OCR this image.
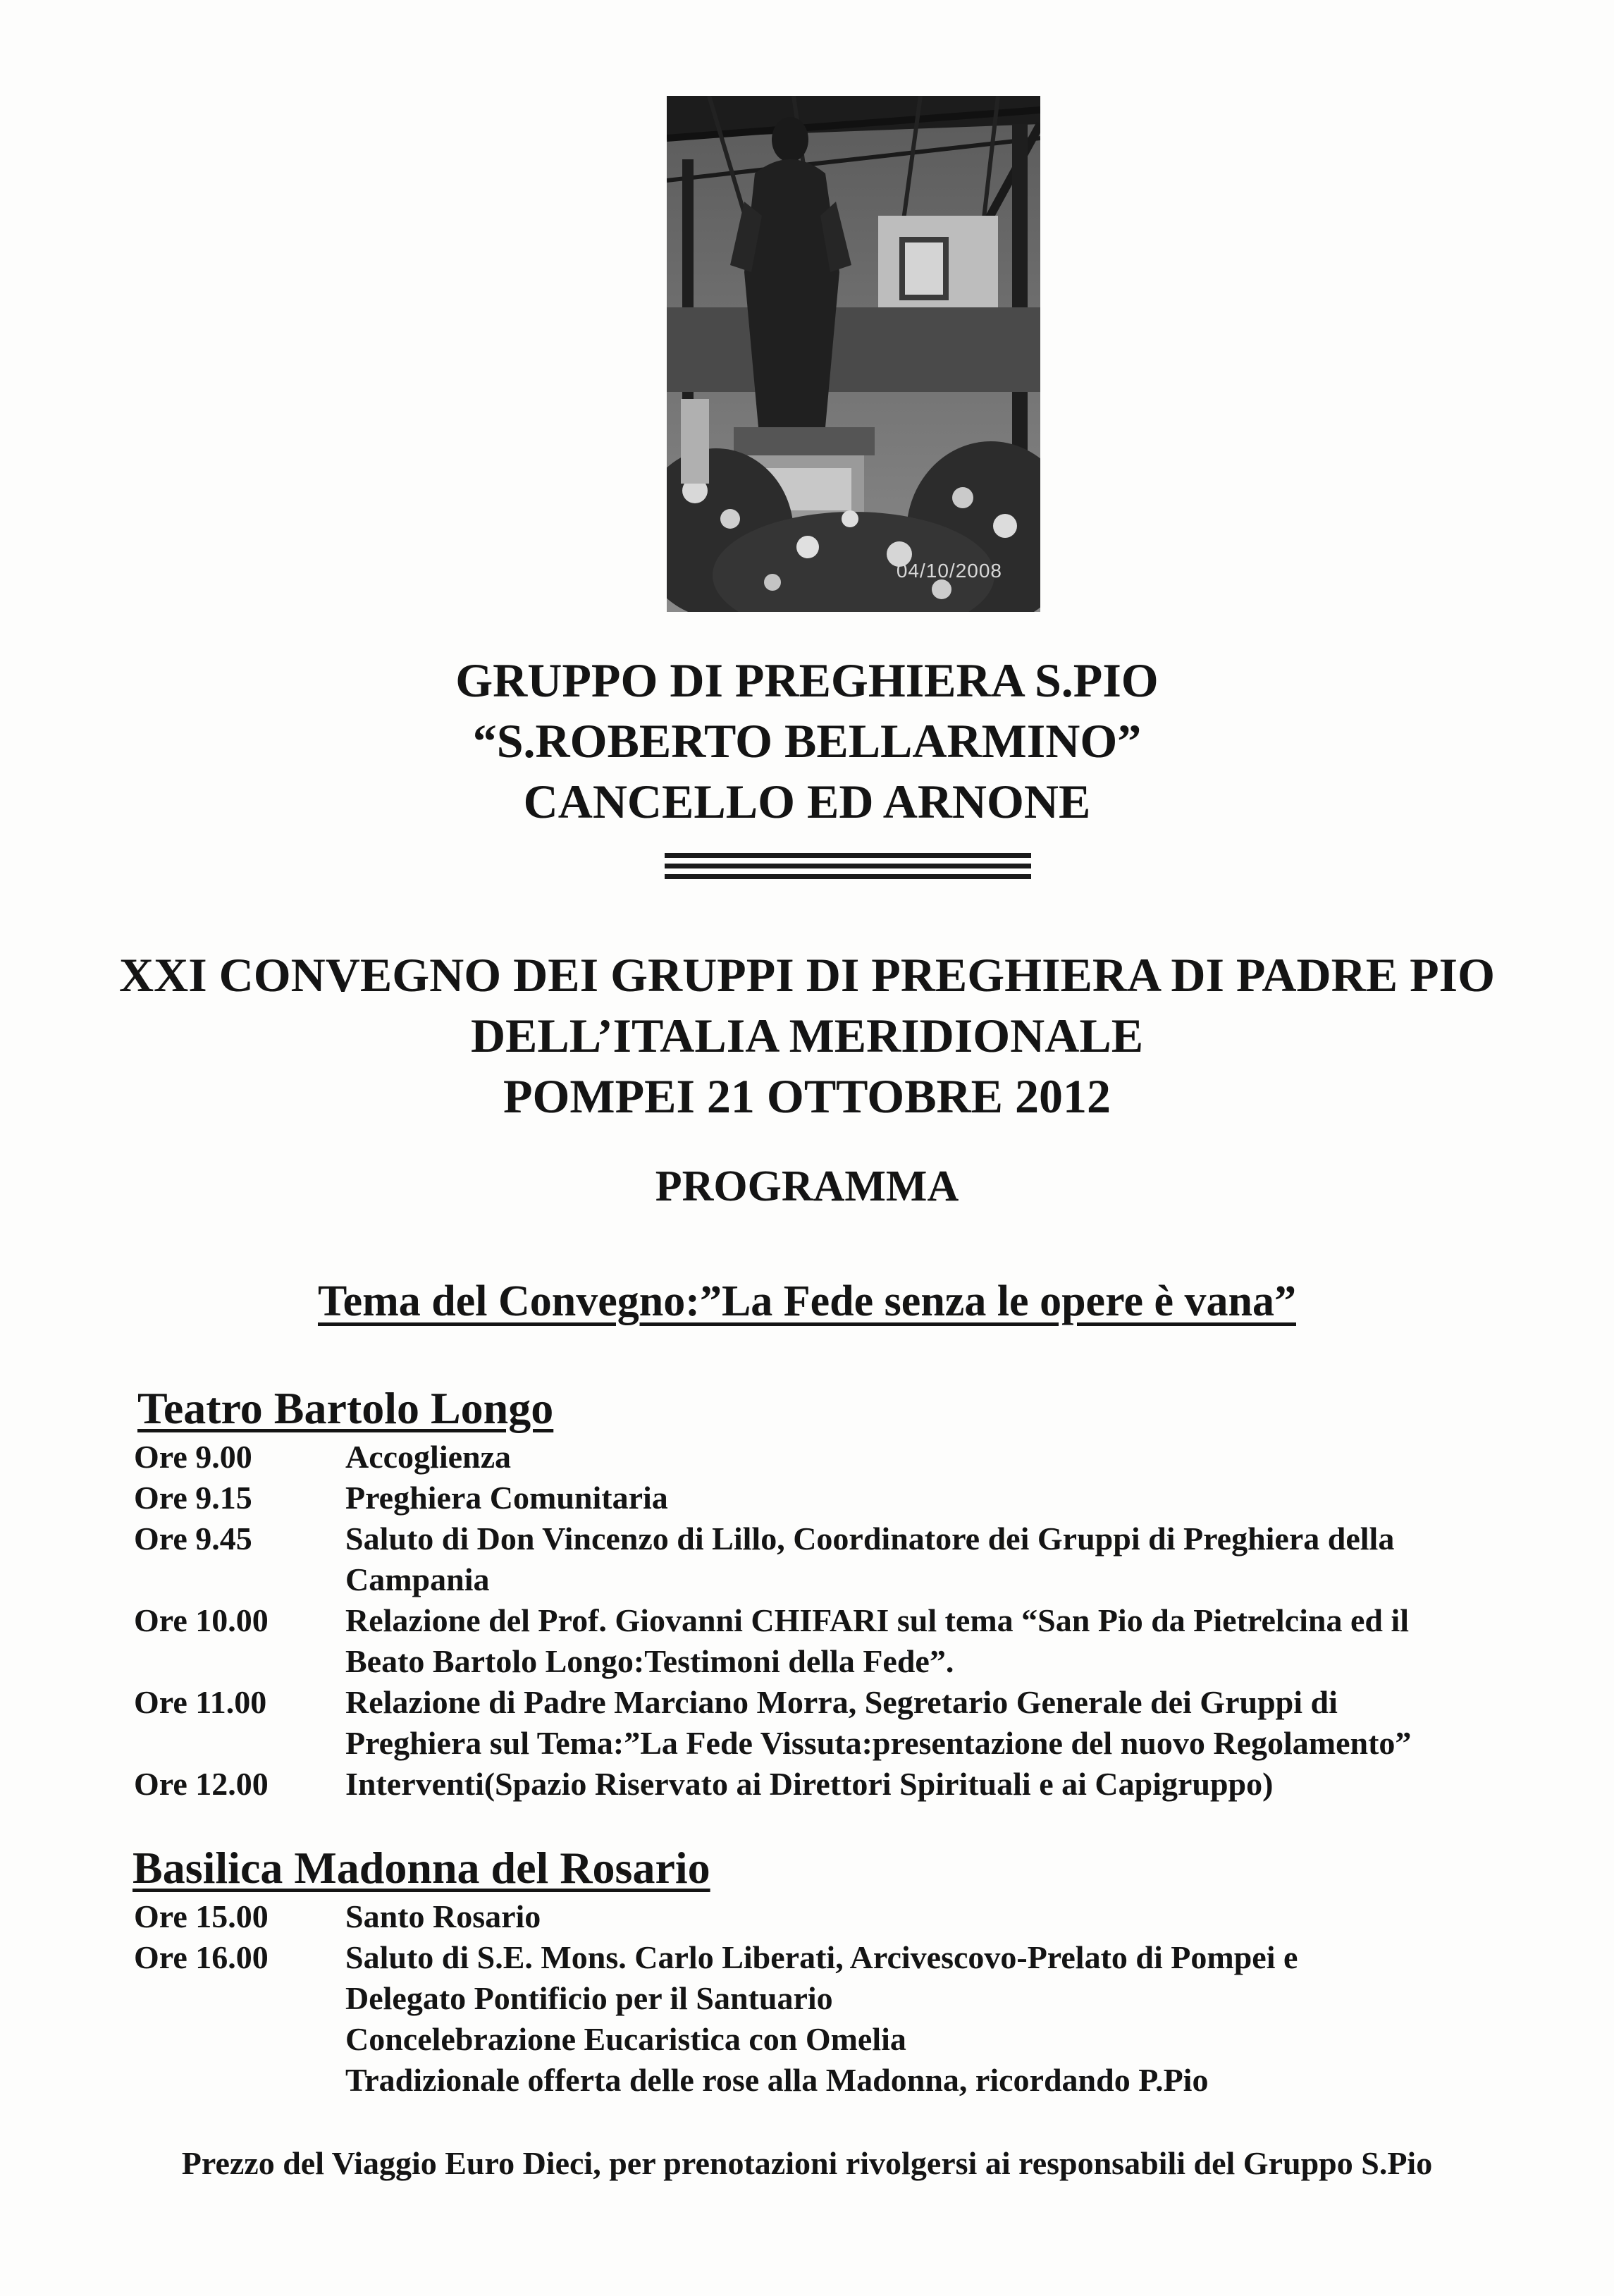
04/10/2008
GRUPPO DI PREGHIERA S.PIO
“S.ROBERTO BELLARMINO”
CANCELLO ED ARNONE
XXI CONVEGNO DEI GRUPPI DI PREGHIERA DI PADRE PIO
DELL’ITALIA MERIDIONALE
POMPEI 21 OTTOBRE 2012
PROGRAMMA
Tema del Convegno:”La Fede senza le opere è vana”
Teatro Bartolo Longo
Ore 9.00	Accoglienza
Ore 9.15	Preghiera Comunitaria
Ore 9.45	Saluto di Don Vincenzo di Lillo, Coordinatore dei Gruppi di Preghiera della
Campania
Ore 10.00	Relazione del Prof. Giovanni CHIFARI sul tema “San Pio da Pietrelcina ed il
Beato Bartolo Longo:Testimoni della Fede”.
Ore 11.00	Relazione di Padre Marciano Morra, Segretario Generale dei Gruppi di
Preghiera sul Tema:”La Fede Vissuta:presentazione del nuovo Regolamento”
Ore 12.00	Interventi(Spazio Riservato ai Direttori Spirituali e ai Capigruppo)
Basilica Madonna del Rosario
Ore 15.00	Santo Rosario
Ore 16.00	Saluto di S.E. Mons. Carlo Liberati, Arcivescovo-Prelato di Pompei e
Delegato Pontificio per il Santuario
Concelebrazione Eucaristica con Omelia
Tradizionale offerta delle rose alla Madonna, ricordando P.Pio
Prezzo del Viaggio Euro Dieci, per prenotazioni rivolgersi ai responsabili del Gruppo S.Pio
